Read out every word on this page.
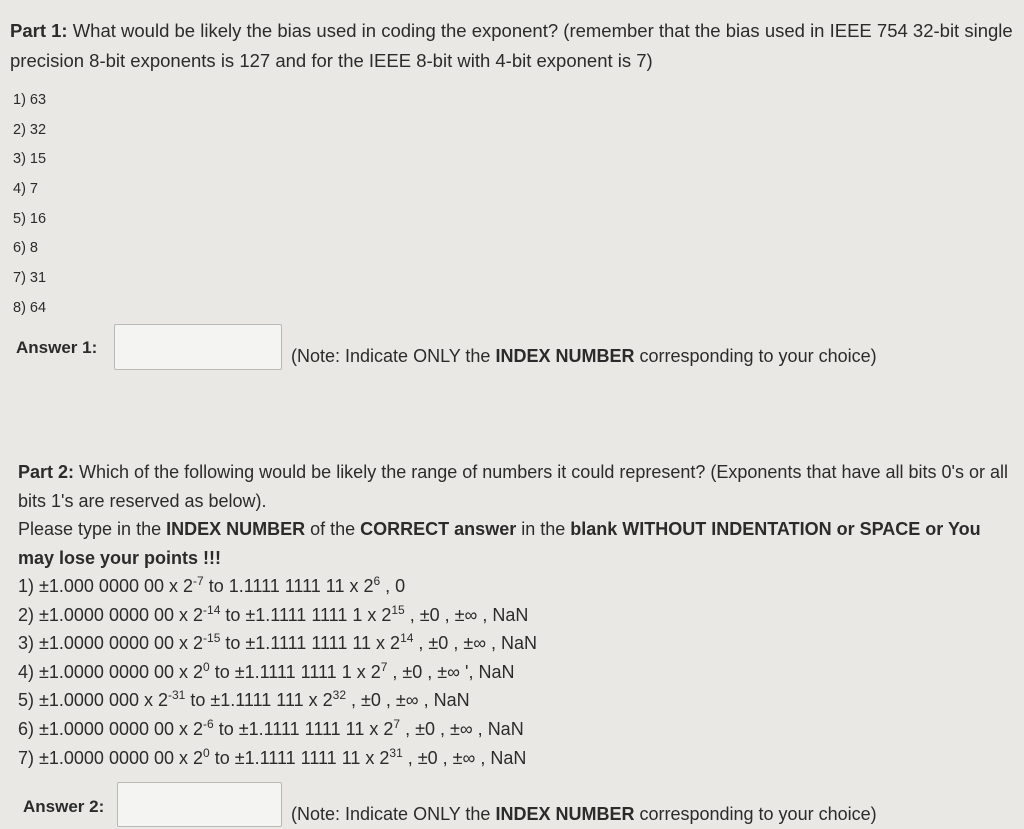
Part 1: What would be likely the bias used in coding the exponent? (remember that the bias used in IEEE 754 32-bit single precision 8-bit exponents is 127 and for the IEEE 8-bit with 4-bit exponent is 7)
1) 63
2) 32
3) 15
4) 7
5) 16
6) 8
7) 31
8) 64
Answer 1:	(Note: Indicate ONLY the INDEX NUMBER corresponding to your choice)
Part 2: Which of the following would be likely the range of numbers it could represent? (Exponents that have all bits 0's or all bits 1's are reserved as below).
Please type in the INDEX NUMBER of the CORRECT answer in the blank WITHOUT INDENTATION or SPACE or You may lose your points !!!
1) ±1.000 0000 00 x $2^{-7}$ to 1.1111 1111 11 x $2^6$ , 0
2) ±1.0000 0000 00 x $2^{-14}$ to ±1.1111 1111 1 x $2^{15}$ , ±0 , ±∞ , NaN
3) ±1.0000 0000 00 x $2^{-15}$ to ±1.1111 1111 11 x $2^{14}$ , ±0 , ±∞ , NaN
4) ±1.0000 0000 00 x $2^0$ to ±1.1111 1111 1 x $2^7$ , ±0 , ±∞ ', NaN
5) ±1.0000 000 x $2^{-31}$ to ±1.1111 111 x $2^{32}$ , ±0 , ±∞ , NaN
6) ±1.0000 0000 00 x $2^{-6}$ to ±1.1111 1111 11 x $2^7$ , ±0 , ±∞ , NaN
7) ±1.0000 0000 00 x $2^0$ to ±1.1111 1111 11 x $2^{31}$ , ±0 , ±∞ , NaN
Answer 2:	(Note: Indicate ONLY the INDEX NUMBER corresponding to your choice)
